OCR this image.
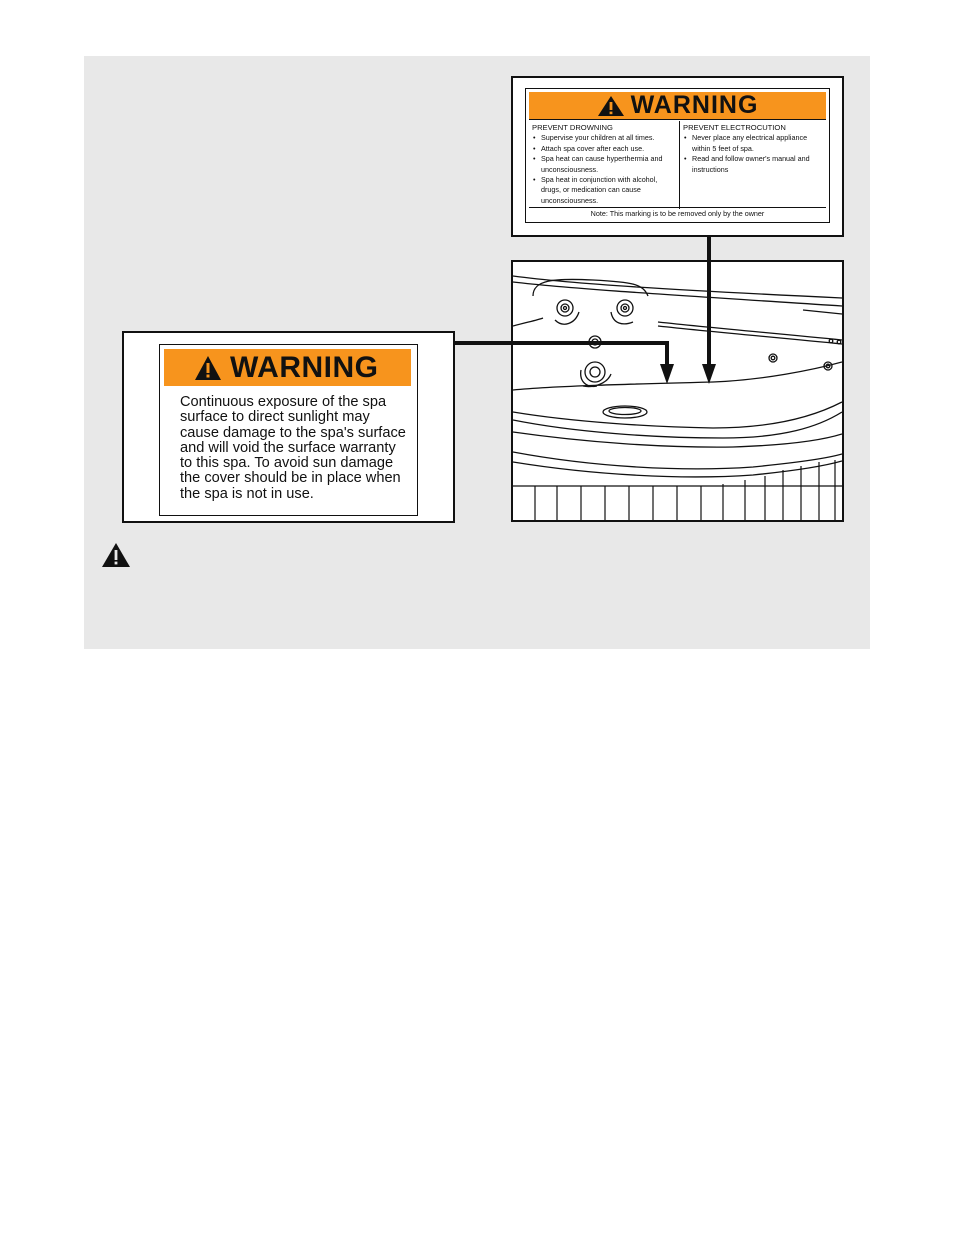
WARNING
PREVENT DROWNING
• Supervise your children at all times.
• Attach spa cover after each use.
• Spa heat can cause hyperthermia and unconsciousness.
• Spa heat in conjunction with alcohol, drugs, or medication can cause unconsciousness.
PREVENT ELECTROCUTION
• Never place any electrical appliance within 5 feet of spa.
• Read and follow owner's manual and instructions
Note: This marking is to be removed only by the owner
WARNING
Continuous exposure of the spa
surface to direct sunlight may
cause damage to the spa's surface
and will void the surface warranty
to this spa. To avoid sun damage
the cover should be in place when
the spa is not in use.
